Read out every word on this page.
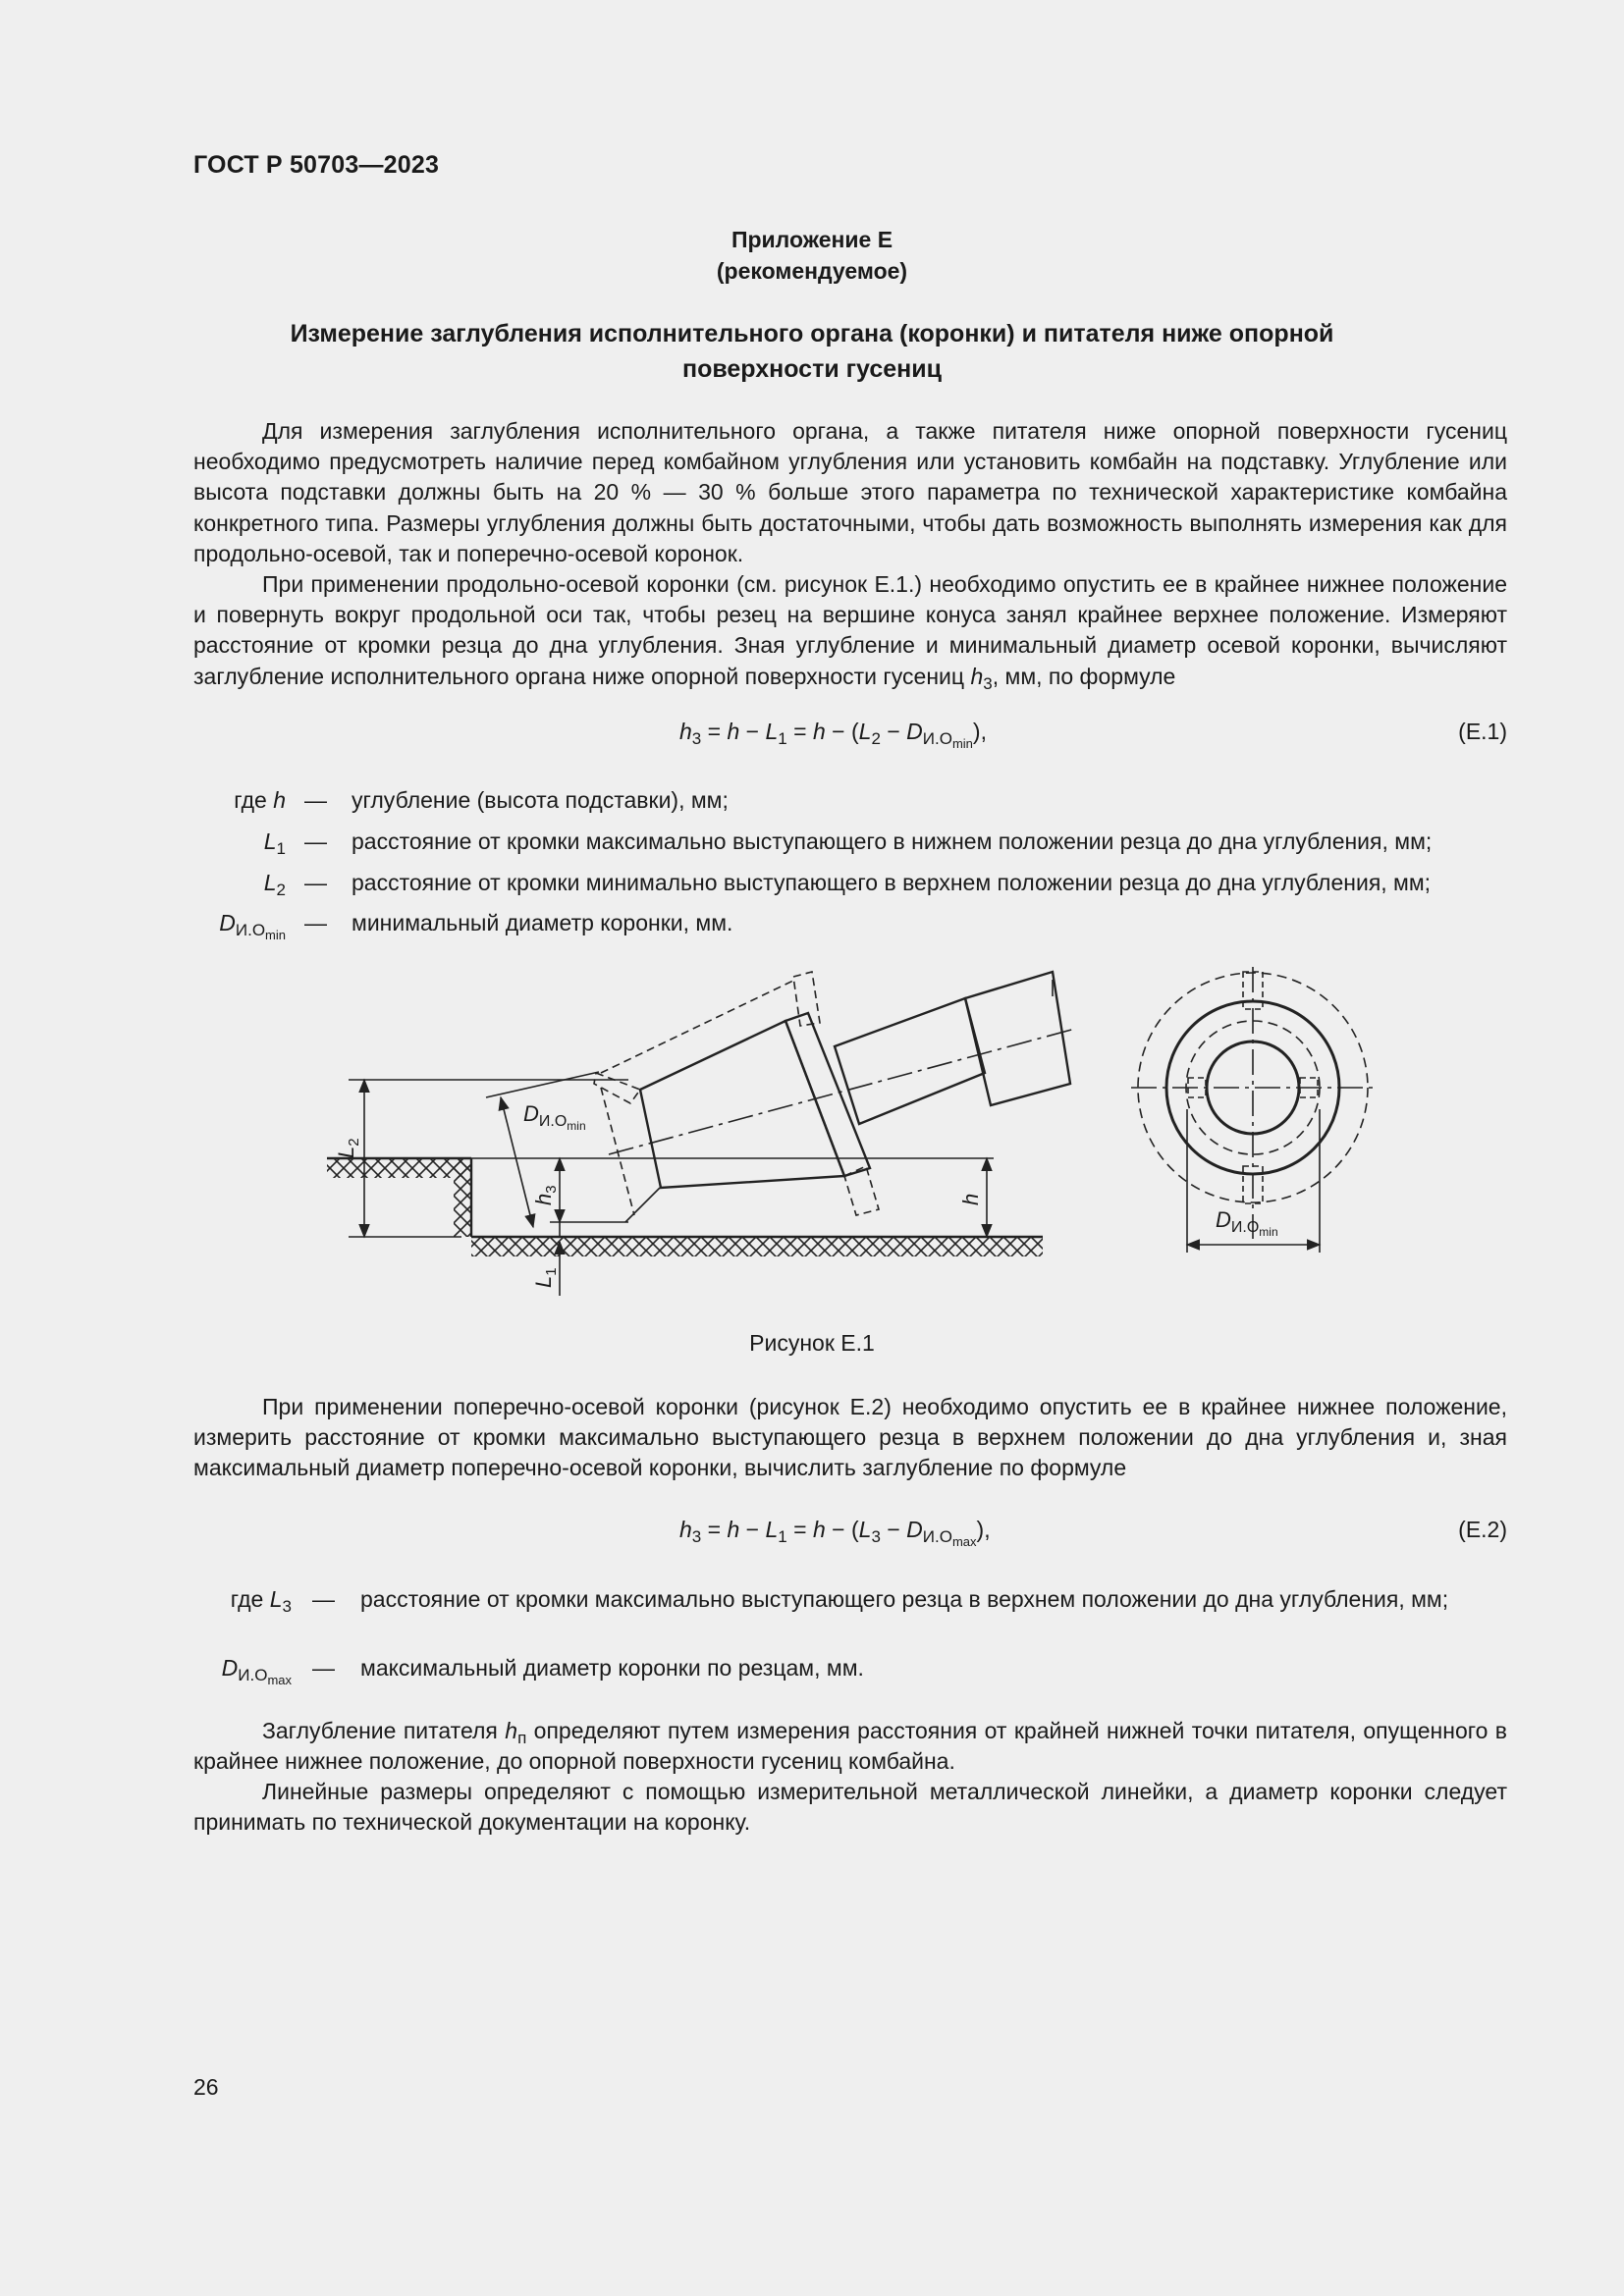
ГОСТ Р 50703—2023
Приложение Е
(рекомендуемое)
Измерение заглубления исполнительного органа (коронки) и питателя ниже опорной поверхности гусениц
Для измерения заглубления исполнительного органа, а также питателя ниже опорной поверхности гусениц необходимо предусмотреть наличие перед комбайном углубления или установить комбайн на подставку. Углубление или высота подставки должны быть на 20 % — 30 % больше этого параметра по технической характеристике комбайна конкретного типа. Размеры углубления должны быть достаточными, чтобы дать возможность выполнять измерения как для продольно-осевой, так и поперечно-осевой коронок.
При применении продольно-осевой коронки (см. рисунок Е.1.) необходимо опустить ее в крайнее нижнее положение и повернуть вокруг продольной оси так, чтобы резец на вершине конуса занял крайнее верхнее положение. Измеряют расстояние от кромки резца до дна углубления. Зная углубление и минимальный диаметр осевой коронки, вычисляют заглубление исполнительного органа ниже опорной поверхности гусениц $h_3$, мм, по формуле
$h_3 = h - L_1 = h - (L_2 - D_{И.О_{min}})$,	(Е.1)
где h — углубление (высота подставки), мм;
$L_1$ — расстояние от кромки максимально выступающего в нижнем положении резца до дна углубления, мм;
$L_2$ — расстояние от кромки минимально выступающего в верхнем положении резца до дна углубления, мм;
$D_{И.О_{min}}$ — минимальный диаметр коронки, мм.
$L_2$
$D_{И.О}\min$
$h_3$
$L_1$
h
$D_{И.О}\min$
Рисунок Е.1
При применении поперечно-осевой коронки (рисунок Е.2) необходимо опустить ее в крайнее нижнее положение, измерить расстояние от кромки максимально выступающего резца в верхнем положении до дна углубления и, зная максимальный диаметр поперечно-осевой коронки, вычислить заглубление по формуле
$h_3 = h - L_1 = h - (L_3 - D_{И.О_{max}})$,	(Е.2)
где $L_3$ — расстояние от кромки максимально выступающего резца в верхнем положении до дна углубления, мм;
$D_{И.О_{max}}$ — максимальный диаметр коронки по резцам, мм.
Заглубление питателя $h_п$ определяют путем измерения расстояния от крайней нижней точки питателя, опущенного в крайнее нижнее положение, до опорной поверхности гусениц комбайна.
Линейные размеры определяют с помощью измерительной металлической линейки, а диаметр коронки следует принимать по технической документации на коронку.
26
